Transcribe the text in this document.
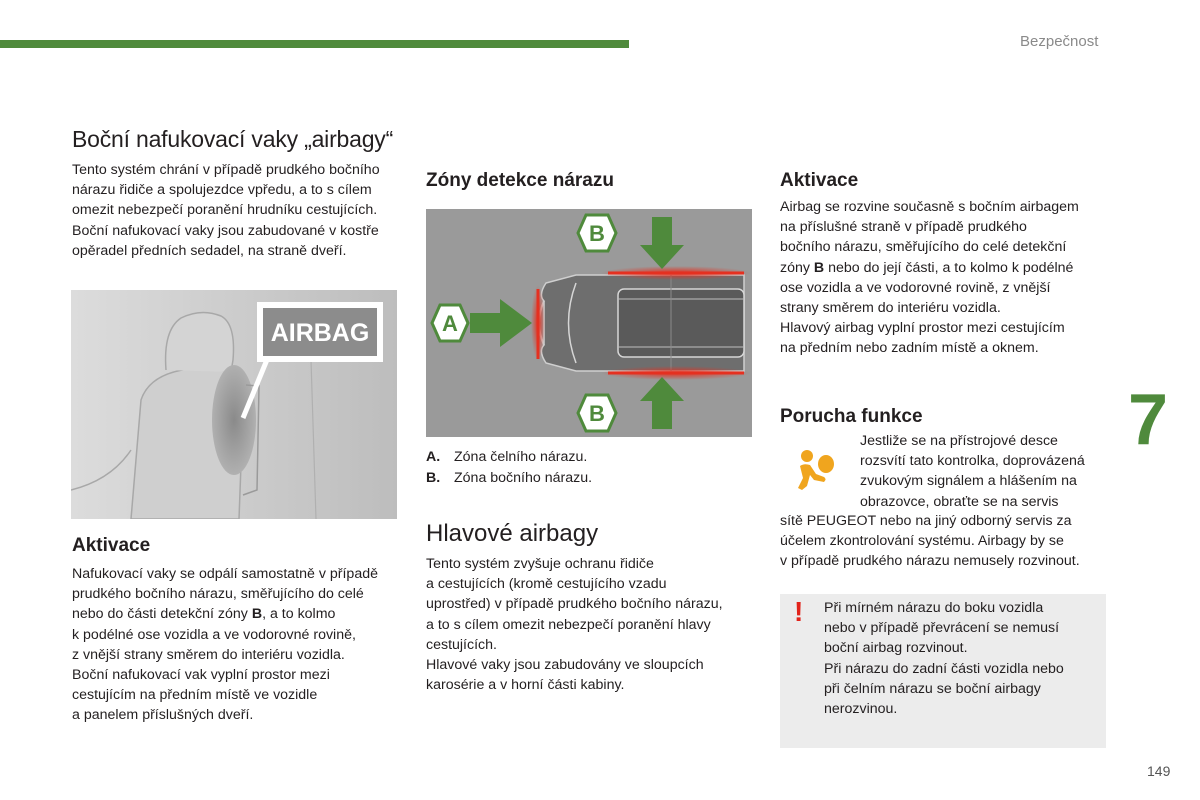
Bezpečnost
7
149
Boční nafukovací vaky „airbagy“
Tento systém chrání v případě prudkého bočního
nárazu řidiče a spolujezdce vpředu, a to s cílem
omezit nebezpečí poranění hrudníku cestujících.
Boční nafukovací vaky jsou zabudované v kostře
opěradel předních sedadel, na straně dveří.
AIRBAG
Aktivace
Nafukovací vaky se odpálí samostatně v případě
prudkého bočního nárazu, směřujícího do celé
nebo do části detekční zóny B, a to kolmo
k podélné ose vozidla a ve vodorovné rovině,
z vnější strany směrem do interiéru vozidla.
Boční nafukovací vak vyplní prostor mezi
cestujícím na předním místě ve vozidle
a panelem příslušných dveří.
Zóny detekce nárazu
B
A
B
A. Zóna čelního nárazu.
B. Zóna bočního nárazu.
Hlavové airbagy
Tento systém zvyšuje ochranu řidiče
a cestujících (kromě cestujícího vzadu
uprostřed) v případě prudkého bočního nárazu,
a to s cílem omezit nebezpečí poranění hlavy
cestujících.
Hlavové vaky jsou zabudovány ve sloupcích
karosérie a v horní části kabiny.
Aktivace
Airbag se rozvine současně s bočním airbagem
na příslušné straně v případě prudkého
bočního nárazu, směřujícího do celé detekční
zóny B nebo do její části, a to kolmo k podélné
ose vozidla a ve vodorovné rovině, z vnější
strany směrem do interiéru vozidla.
Hlavový airbag vyplní prostor mezi cestujícím
na předním nebo zadním místě a oknem.
Porucha funkce
Jestliže se na přístrojové desce
rozsvítí tato kontrolka, doprovázená
zvukovým signálem a hlášením na
obrazovce, obraťte se na servis
sítě PEUGEOT nebo na jiný odborný servis za
účelem zkontrolování systému. Airbagy by se
v případě prudkého nárazu nemusely rozvinout.
! Při mírném nárazu do boku vozidla
nebo v případě převrácení se nemusí
boční airbag rozvinout.
Při nárazu do zadní části vozidla nebo
při čelním nárazu se boční airbagy
nerozvinou.
